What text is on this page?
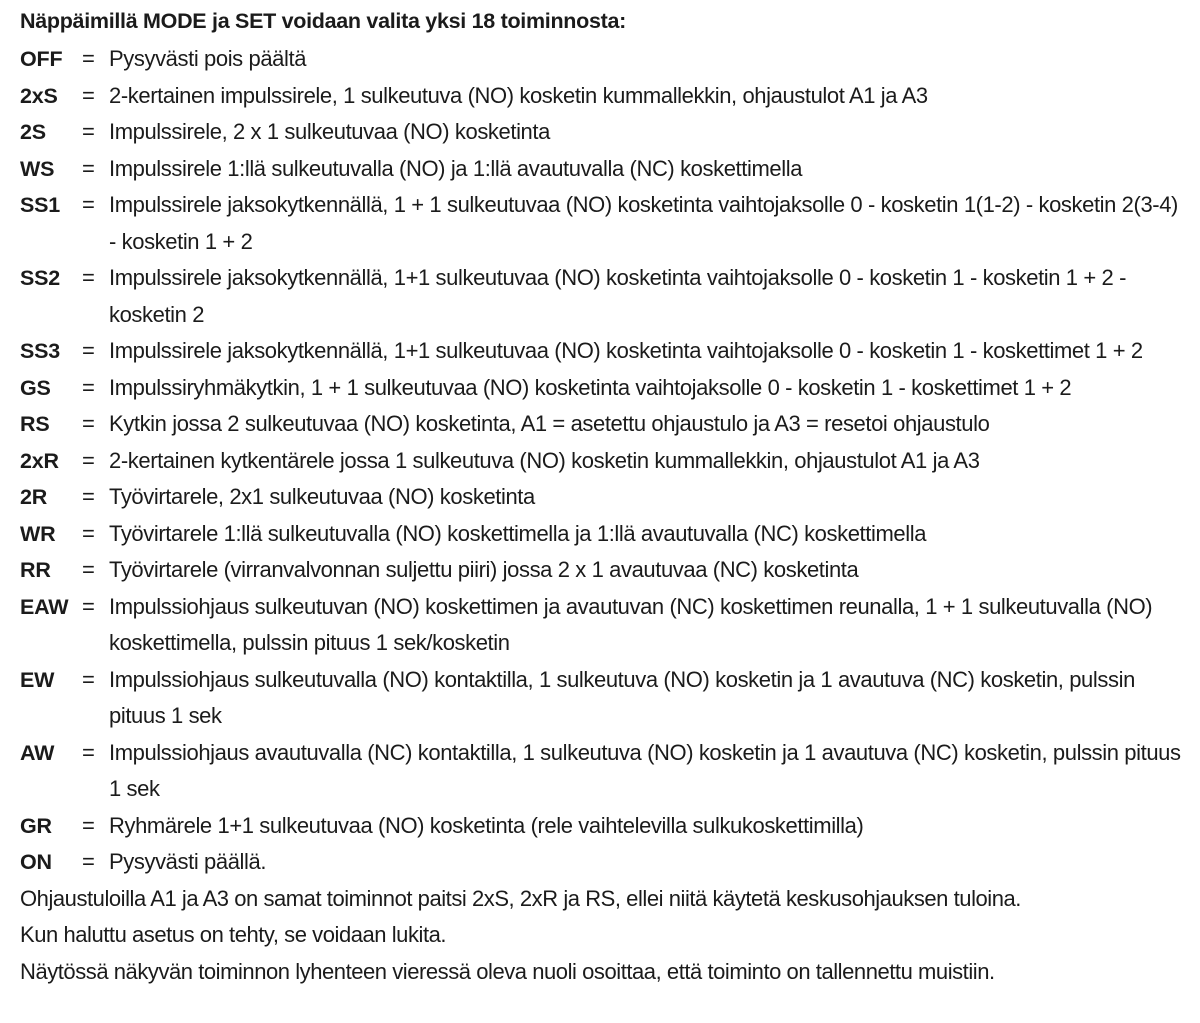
Näppäimillä MODE ja SET voidaan valita yksi 18 toiminnosta:
OFF = Pysyvästi pois päältä
2xS	= 2-kertainen impulssirele, 1 sulkeutuva (NO) kosketin kummallekkin, ohjaustulot A1 ja A3
2S	= Impulssirele, 2 x 1 sulkeutuvaa (NO) kosketinta
WS	= Impulssirele 1:llä sulkeutuvalla (NO) ja 1:llä avautuvalla (NC) koskettimella
SS1 = Impulssirele jaksokytkennällä, 1 + 1 sulkeutuvaa (NO) kosketinta vaihtojaksolle 0 - kosketin 1(1-2) - kosketin 2(3-4) - kosketin 1 + 2
SS2 = Impulssirele jaksokytkennällä, 1+1 sulkeutuvaa (NO) kosketinta vaihtojaksolle 0 - kosketin 1 - kosketin 1 + 2 - kosketin 2
SS3 = Impulssirele jaksokytkennällä, 1+1 sulkeutuvaa (NO) kosketinta vaihtojaksolle 0 - kosketin 1 - koskettimet 1 + 2
GS	= Impulssiryhmäkytkin, 1 + 1 sulkeutuvaa (NO) kosketinta vaihtojaksolle 0 - kosketin 1 - koskettimet 1 + 2
RS	= Kytkin jossa 2 sulkeutuvaa (NO) kosketinta, A1 = asetettu ohjaustulo ja A3 = resetoi ohjaustulo
2xR	= 2-kertainen kytkentärele jossa 1 sulkeutuva (NO) kosketin kummallekkin, ohjaustulot A1 ja A3
2R	= Työvirtarele, 2x1 sulkeutuvaa (NO) kosketinta
WR	= Työvirtarele 1:llä sulkeutuvalla (NO) koskettimella ja 1:llä avautuvalla (NC) koskettimella
RR	= Työvirtarele (virranvalvonnan suljettu piiri) jossa 2 x 1 avautuvaa (NC) kosketinta
EAW = Impulssiohjaus sulkeutuvan (NO) koskettimen ja avautuvan (NC) koskettimen reunalla, 1 + 1 sulkeutuvalla (NO) koskettimella, pulssin pituus 1 sek/kosketin
EW	= Impulssiohjaus sulkeutuvalla (NO) kontaktilla, 1 sulkeutuva (NO) kosketin ja 1 avautuva (NC) kosketin, pulssin pituus 1 sek
AW	= Impulssiohjaus avautuvalla (NC) kontaktilla, 1 sulkeutuva (NO) kosketin ja 1 avautuva (NC) kosketin, pulssin pituus 1 sek
GR	= Ryhmärele 1+1 sulkeutuvaa (NO) kosketinta (rele vaihtelevilla sulkukoskettimilla)
ON	= Pysyvästi päällä.
Ohjaustuloilla A1 ja A3 on samat toiminnot paitsi 2xS, 2xR ja RS, ellei niitä käytetä keskusohjauksen tuloina.
Kun haluttu asetus on tehty, se voidaan lukita.
Näytössä näkyvän toiminnon lyhenteen vieressä oleva nuoli osoittaa, että toiminto on tallennettu muistiin.
